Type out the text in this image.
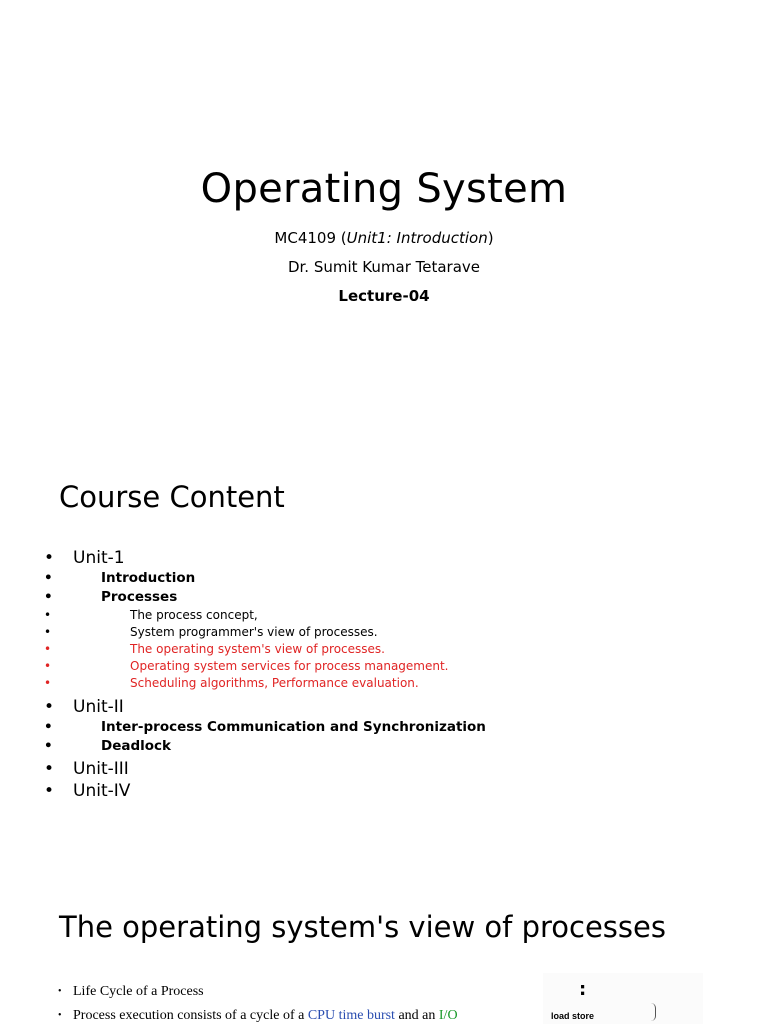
Operating System

MC4109 (Unit1: Introduction)

Dr. Sumit Kumar Tetarave

Lecture-04

Course Content
• Unit-1
• Introduction
• Processes
• The process concept,
• System programmer's view of processes.
• The operating system's view of processes.
• Operating system services for process management.
• Scheduling algorithms, Performance evaluation.
• Unit-II
• Inter-process Communication and Synchronization
• Deadlock
• Unit-III
• Unit-IV
The operating system's view of processes
• Life Cycle of a Process
• Process execution consists of a cycle of a CPU time burst and an I/O
:
load store
